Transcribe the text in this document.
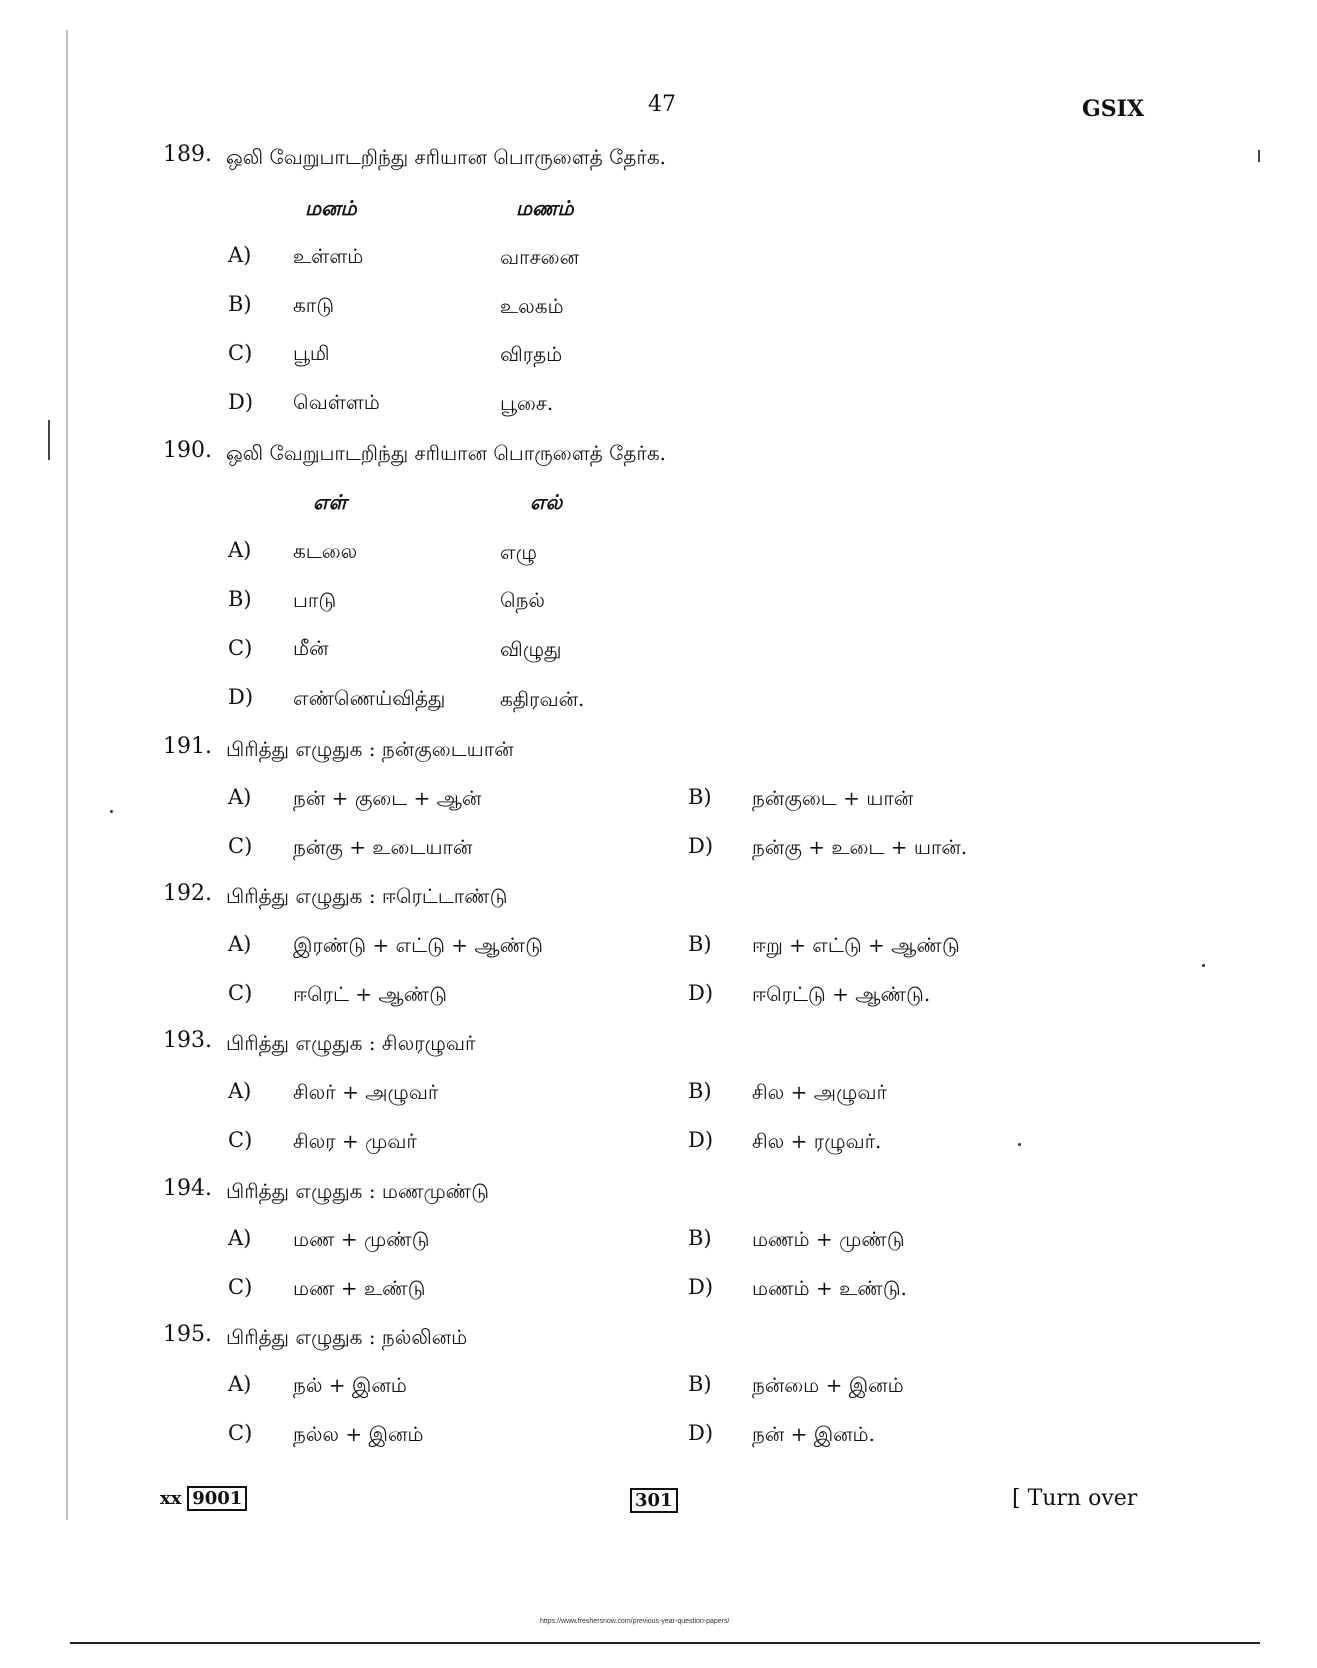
47	GSIX
189. ஒலி வேறுபாடறிந்து சரியான பொருளைத் தேர்க.
மனம்	மணம்
A) உள்ளம்	வாசனை
B) காடு	உலகம்
C) பூமி	விரதம்
D) வெள்ளம்	பூசை.
190. ஒலி வேறுபாடறிந்து சரியான பொருளைத் தேர்க.
எள்	எல்
A) கடலை	எழு
B) பாடு	நெல்
C) மீன்	விழுது
D) எண்ணெய்வித்து	கதிரவன்.
191. பிரித்து எழுதுக : நன்குடையான்
A) நன் + குடை + ஆன்	B) நன்குடை + யான்
C) நன்கு + உடையான்	D) நன்கு + உடை + யான்.
192. பிரித்து எழுதுக : ஈரெட்டாண்டு
A) இரண்டு + எட்டு + ஆண்டு	B) ஈறு + எட்டு + ஆண்டு
C) ஈரெட் + ஆண்டு	D) ஈரெட்டு + ஆண்டு.
193. பிரித்து எழுதுக : சிலரழுவர்
A) சிலர் + அழுவர்	B) சில + அழுவர்
C) சிலர + முவர்	D) சில + ரழுவர்.
194. பிரித்து எழுதுக : மணமுண்டு
A) மண + முண்டு	B) மணம் + முண்டு
C) மண + உண்டு	D) மணம் + உண்டு.
195. பிரித்து எழுதுக : நல்லினம்
A) நல் + இனம்	B) நன்மை + இனம்
C) நல்ல + இனம்	D) நன் + இனம்.
xx 9001	301	[ Turn over
https://www.freshersnow.com/previous-year-question-papers/
